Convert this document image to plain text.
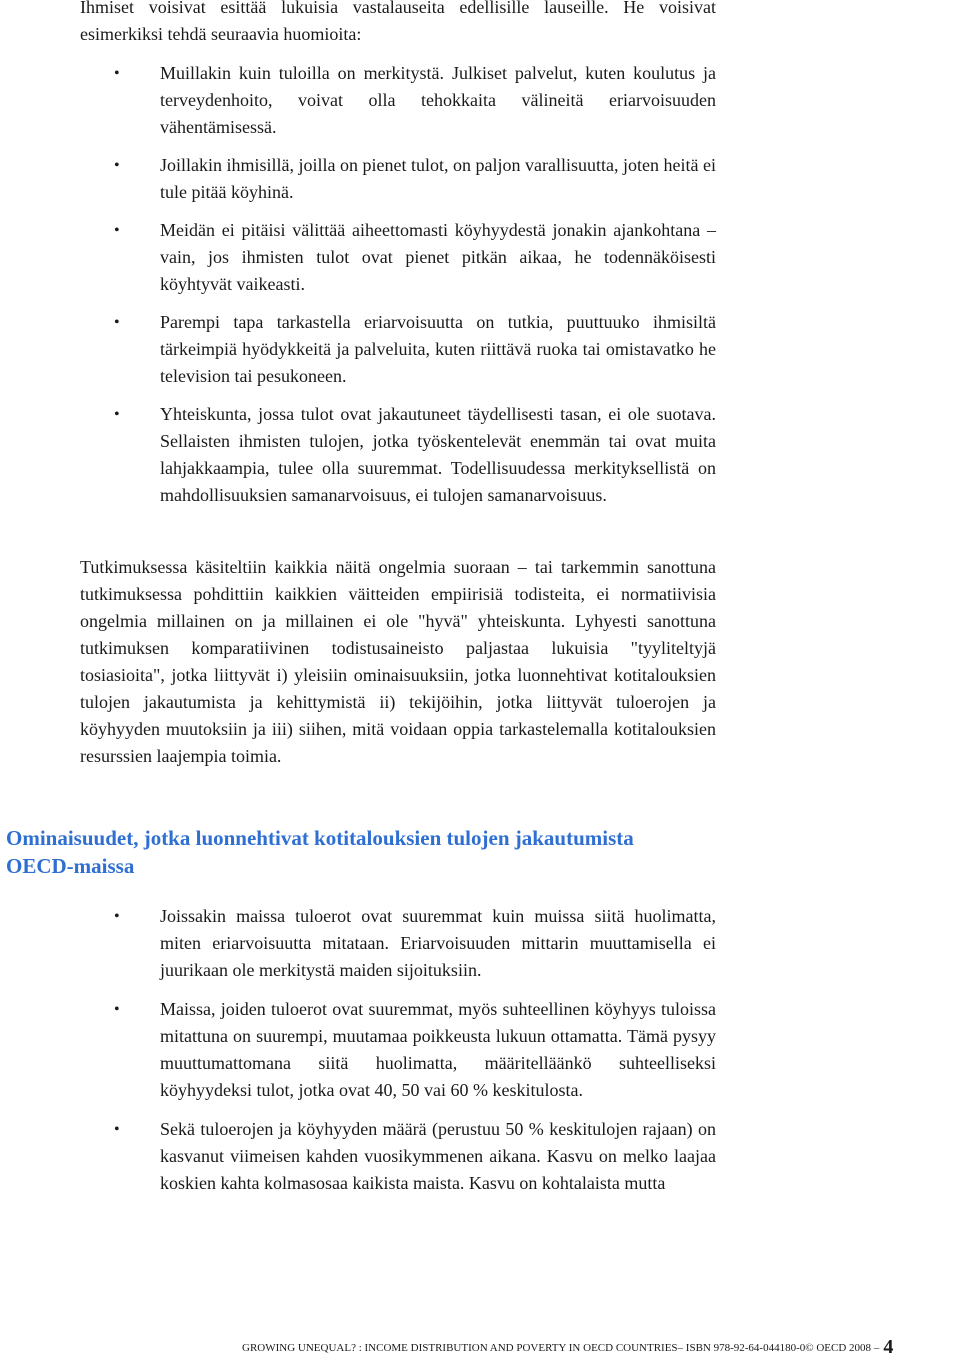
Ihmiset voisivat esittää lukuisia vastalauseita edellisille lauseille. He voisivat esimerkiksi tehdä seuraavia huomioita:

• Muillakin kuin tuloilla on merkitystä. Julkiset palvelut, kuten koulutus ja terveydenhoito, voivat olla tehokkaita välineitä eriarvoisuuden vähentämisessä.
• Joillakin ihmisillä, joilla on pienet tulot, on paljon varallisuutta, joten heitä ei tule pitää köyhinä.
• Meidän ei pitäisi välittää aiheettomasti köyhyydestä jonakin ajankohtana – vain, jos ihmisten tulot ovat pienet pitkän aikaa, he todennäköisesti köyhtyvät vaikeasti.
• Parempi tapa tarkastella eriarvoisuutta on tutkia, puuttuuko ihmisiltä tärkeimpiä hyödykkeitä ja palveluita, kuten riittävä ruoka tai omistavatko he television tai pesukoneen.
• Yhteiskunta, jossa tulot ovat jakautuneet täydellisesti tasan, ei ole suotava. Sellaisten ihmisten tulojen, jotka työskentelevät enemmän tai ovat muita lahjakkaampia, tulee olla suuremmat. Todellisuudessa merkityksellistä on mahdollisuuksien samanarvoisuus, ei tulojen samanarvoisuus.

Tutkimuksessa käsiteltiin kaikkia näitä ongelmia suoraan – tai tarkemmin sanottuna tutkimuksessa pohdittiin kaikkien väitteiden empiirisiä todisteita, ei normatiivisia ongelmia millainen on ja millainen ei ole "hyvä" yhteiskunta. Lyhyesti sanottuna tutkimuksen komparatiivinen todistusaineisto paljastaa lukuisia "tyyliteltyjä tosiasioita", jotka liittyvät i) yleisiin ominaisuuksiin, jotka luonnehtivat kotitalouksien tulojen jakautumista ja kehittymistä ii) tekijöihin, jotka liittyvät tuloerojen ja köyhyyden muutoksiin ja iii) siihen, mitä voidaan oppia tarkastelemalla kotitalouksien resurssien laajempia toimia.

Ominaisuudet, jotka luonnehtivat kotitalouksien tulojen jakautumista OECD-maissa
• Joissakin maissa tuloerot ovat suuremmat kuin muissa siitä huolimatta, miten eriarvoisuutta mitataan. Eriarvoisuuden mittarin muuttamisella ei juurikaan ole merkitystä maiden sijoituksiin.
• Maissa, joiden tuloerot ovat suuremmat, myös suhteellinen köyhyys tuloissa mitattuna on suurempi, muutamaa poikkeusta lukuun ottamatta. Tämä pysyy muuttumattomana siitä huolimatta, määritelläänkö suhteelliseksi köyhyydeksi tulot, jotka ovat 40, 50 vai 60 % keskitulosta.
• Sekä tuloerojen ja köyhyyden määrä (perustuu 50 % keskitulojen rajaan) on kasvanut viimeisen kahden vuosikymmenen aikana. Kasvu on melko laajaa koskien kahta kolmasosaa kaikista maista. Kasvu on kohtalaista mutta
GROWING UNEQUAL? : INCOME DISTRIBUTION AND POVERTY IN OECD COUNTRIES– ISBN 978-92-64-044180-0© OECD 2008 – 4
